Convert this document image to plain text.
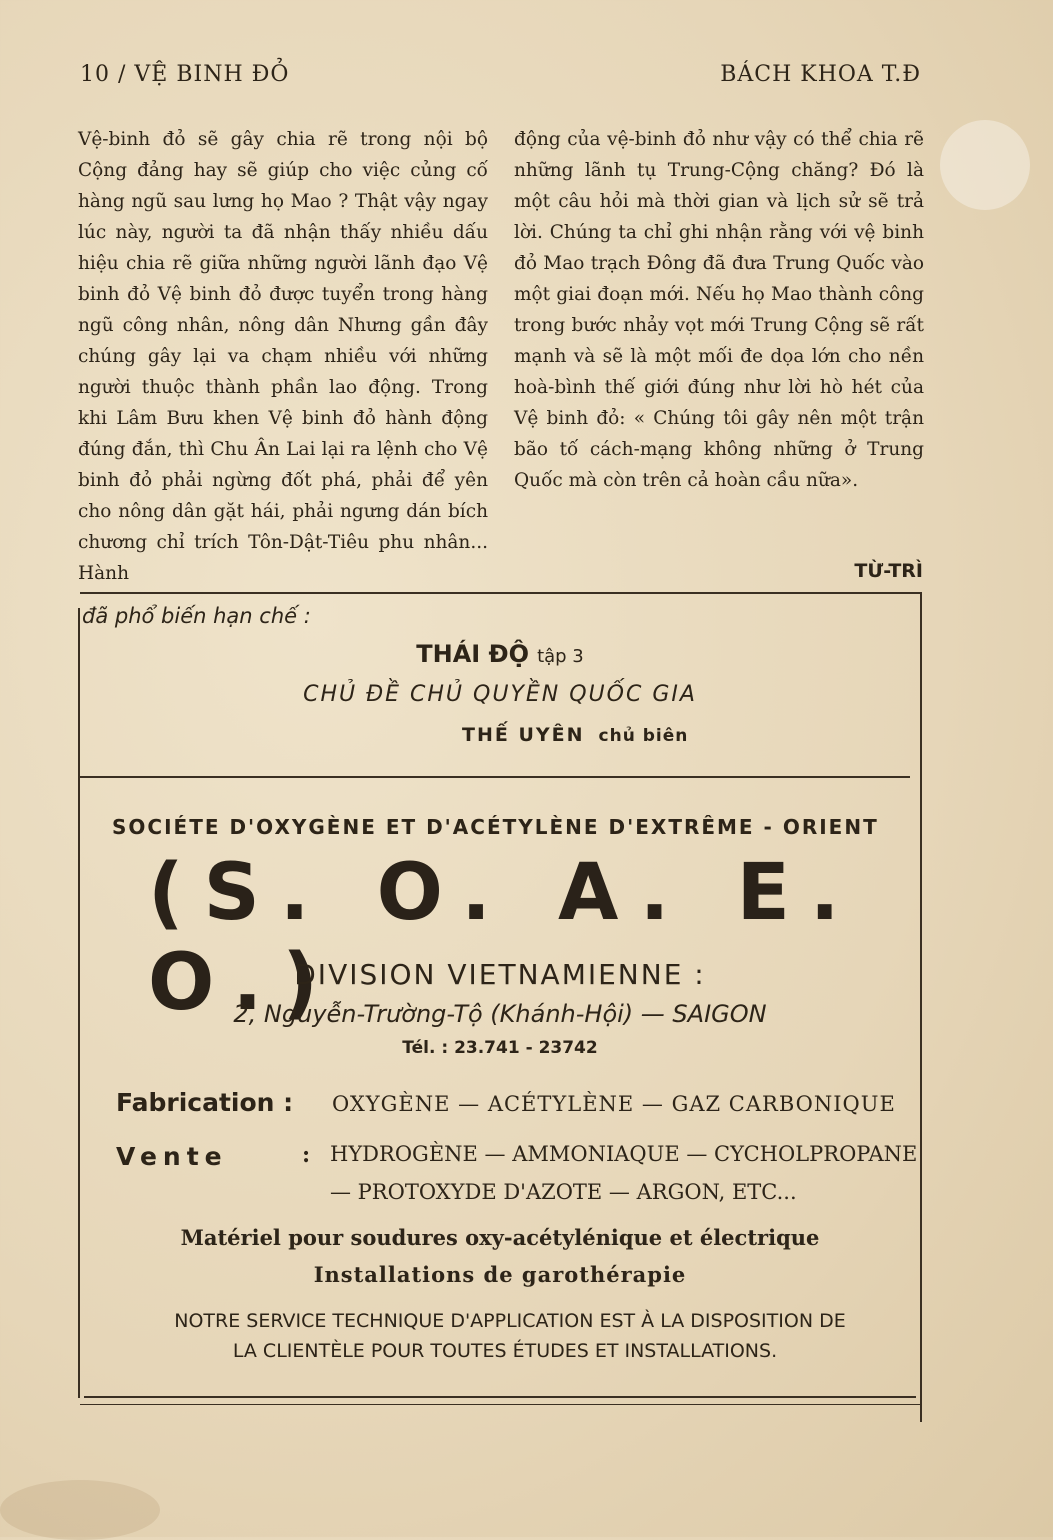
10 / VỆ BINH ĐỎ	BÁCH KHOA T.Đ
Vệ-binh đỏ sẽ gây chia rẽ trong nội bộ Cộng đảng hay sẽ giúp cho việc củng cố hàng ngũ sau lưng họ Mao ? Thật vậy ngay lúc này, người ta đã nhận thấy nhiều dấu hiệu chia rẽ giữa những người lãnh đạo Vệ binh đỏ Vệ binh đỏ được tuyển trong hàng ngũ công nhân, nông dân Nhưng gần đây chúng gây lại va chạm nhiều với những người thuộc thành phần lao động. Trong khi Lâm Bưu khen Vệ binh đỏ hành động đúng đắn, thì Chu Ân Lai lại ra lệnh cho Vệ binh đỏ phải ngừng đốt phá, phải để yên cho nông dân gặt hái, phải ngưng dán bích chương chỉ trích Tôn-Dật-Tiêu phu nhân... Hành
động của vệ-binh đỏ như vậy có thể chia rẽ những lãnh tụ Trung-Cộng chăng? Đó là một câu hỏi mà thời gian và lịch sử sẽ trả lời. Chúng ta chỉ ghi nhận rằng với vệ binh đỏ Mao trạch Đông đã đưa Trung Quốc vào một giai đoạn mới. Nếu họ Mao thành công trong bước nhảy vọt mới Trung Cộng sẽ rất mạnh và sẽ là một mối đe dọa lớn cho nền hoà-bình thế giới đúng như lời hò hét của Vệ binh đỏ: « Chúng tôi gây nên một trận bão tố cách-mạng không những ở Trung Quốc mà còn trên cả hoàn cầu nữa».
TỪ-TRÌ
đã phổ biến hạn chế :
THÁI ĐỘ tập 3
CHỦ ĐỀ CHỦ QUYỀN QUỐC GIA
THẾ UYÊN chủ biên
SOCIÉTE D'OXYGÈNE ET D'ACÉTYLÈNE D'EXTRÊME - ORIENT
(S. O. A. E. O.)
DIVISION VIETNAMIENNE :
2, Nguyễn-Trường-Tộ (Khánh-Hội) — SAIGON
Tél. : 23.741 - 23742
Fabrication : OXYGÈNE — ACÉTYLÈNE — GAZ CARBONIQUE
Vente	: HYDROGÈNE — AMMONIAQUE — CYCHOLPROPANE
— PROTOXYDE D'AZOTE — ARGON, ETC...
Matériel pour soudures oxy-acétylénique et électrique
Installations de garothérapie
NOTRE SERVICE TECHNIQUE D'APPLICATION EST À LA DISPOSITION DE
LA CLIENTÈLE POUR TOUTES ÉTUDES ET INSTALLATIONS.
